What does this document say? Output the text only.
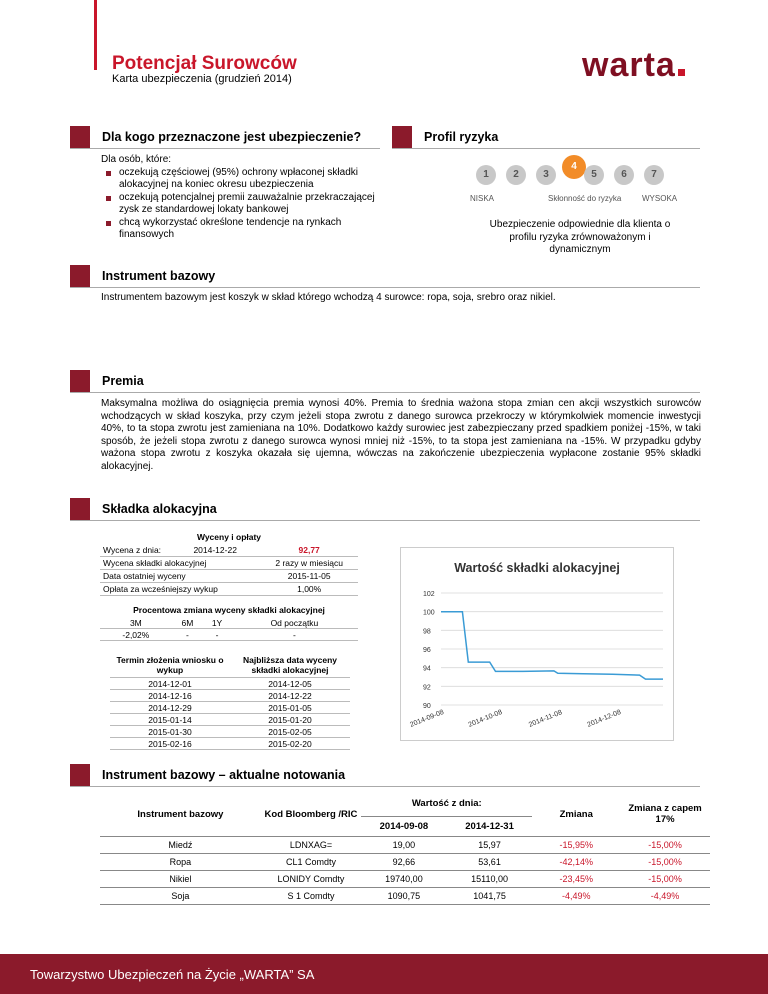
Potencjał Surowców
Karta ubezpieczenia (grudzień 2014)	warta
Dla kogo przeznaczone jest ubezpieczenie?
Dla osób, które:
oczekują częściowej (95%) ochrony wpłaconej składki alokacyjnej na koniec okresu ubezpieczenia
oczekują potencjalnej premii zauważalnie przekraczającej zysk ze standardowej lokaty bankowej
chcą wykorzystać określone tendencje na rynkach finansowych
Profil ryzyka
1	2	3
4
5	6	7
NISKA	Skłonność do ryzyka	WYSOKA
Ubezpieczenie odpowiednie dla klienta o profilu ryzyka zrównoważonym i dynamicznym
Instrument bazowy
Instrumentem bazowym jest koszyk w skład którego wchodzą 4 surowce: ropa, soja, srebro oraz nikiel.
Premia
Maksymalna możliwa do osiągnięcia premia wynosi 40%. Premia to średnia ważona stopa zmian cen akcji wszystkich surowców wchodzących w skład koszyka, przy czym jeżeli stopa zwrotu z danego surowca przekroczy w którymkolwiek momencie inwestycji 40%, to ta stopa zwrotu jest zamieniana na 10%. Dodatkowo każdy surowiec jest zabezpieczany przed spadkiem poniżej -15%, w taki sposób, że jeżeli stopa zwrotu z danego surowca wynosi mniej niż -15%, to ta stopa jest zamieniana na -15%. W przypadku gdyby ważona stopa zwrotu z koszyka okazała się ujemna, wówczas na zakończenie ubezpieczenia wypłacone zostanie 95% składki alokacyjnej.
Składka alokacyjna
Wyceny i opłaty
Wycena z dnia:	2014-12-22	92,77
Wycena składki alokacyjnej		2 razy w miesiącu
Data ostatniej wyceny		2015-11-05
Opłata za wcześniejszy wykup		1,00%
Procentowa zmiana wyceny składki alokacyjnej
3M	6M	1Y	Od początku
-2,02%	-	-	-
Termin złożenia wniosku o wykup	Najbliższa data wyceny składki alokacyjnej
2014-12-01	2014-12-05
2014-12-16	2014-12-22
2014-12-29	2015-01-05
2015-01-14	2015-01-20
2015-01-30	2015-02-05
2015-02-16	2015-02-20
Wartość składki alokacyjnej
90
92
94
96
98
100
102
2014-09-08	2014-10-08	2014-11-08	2014-12-08
Instrument bazowy – aktualne notowania
Instrument bazowy	Kod Bloomberg /RIC	Wartość z dnia:		Zmiana	Zmiana z capem 17%
		2014-09-08	2014-12-31		
Miedź	LDNXAG=	19,00	15,97	-15,95%	-15,00%
Ropa	CL1 Comdty	92,66	53,61	-42,14%	-15,00%
Nikiel	LONIDY Comdty	19740,00	15110,00	-23,45%	-15,00%
Soja	S 1 Comdty	1090,75	1041,75	-4,49%	-4,49%
Towarzystwo Ubezpieczeń na Życie „WARTA” SA
